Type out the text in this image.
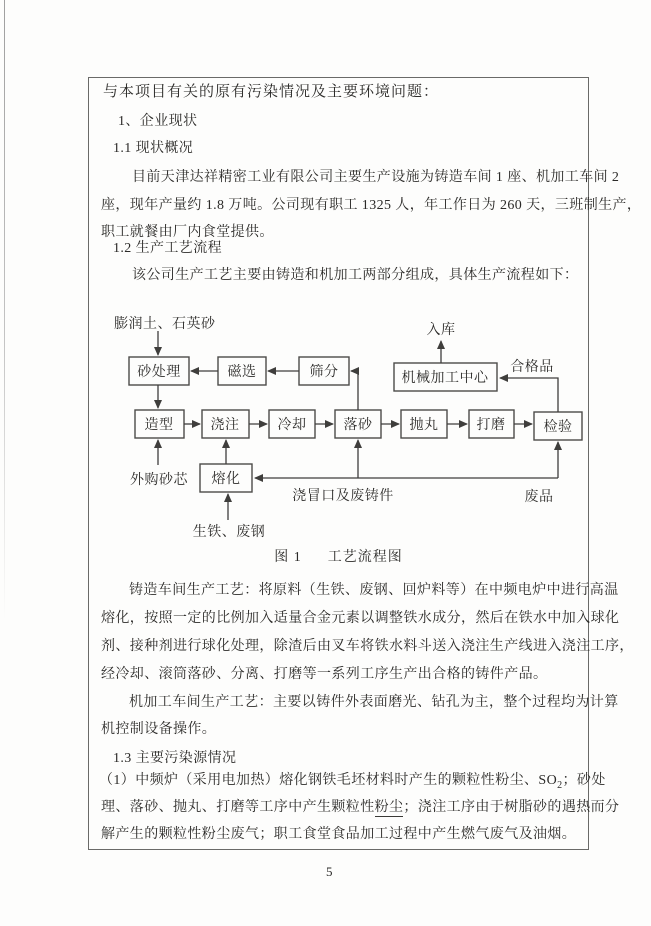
与本项目有关的原有污染情况及主要环境问题：
1、企业现状
1.1 现状概况
目前天津达祥精密工业有限公司主要生产设施为铸造车间 1 座、机加工车间 2
座，现年产量约 1.8 万吨。公司现有职工 1325 人，年工作日为 260 天，三班制生产，
职工就餐由厂内食堂提供。
1.2 生产工艺流程
该公司生产工艺主要由铸造和机加工两部分组成，具体生产流程如下：
膨润土、石英砂	入库
合格品
外购砂芯
生铁、废钢
浇冒口及废铸件	废品
砂处理	磁选	筛分	机械加工中心
造型	浇注	冷却	落砂	抛丸	打磨	检验
熔化
图 1 工艺流程图
铸造车间生产工艺：将原料（生铁、废钢、回炉料等）在中频电炉中进行高温
熔化，按照一定的比例加入适量合金元素以调整铁水成分，然后在铁水中加入球化
剂、接种剂进行球化处理，除渣后由叉车将铁水料斗送入浇注生产线进入浇注工序，
经冷却、滚筒落砂、分离、打磨等一系列工序生产出合格的铸件产品。
机加工车间生产工艺：主要以铸件外表面磨光、钻孔为主，整个过程均为计算
机控制设备操作。
1.3 主要污染源情况
（1）中频炉（采用电加热）熔化钢铁毛坯材料时产生的颗粒性粉尘、$SO_2$；砂处
理、落砂、抛丸、打磨等工序中产生颗粒性粉尘；浇注工序由于树脂砂的遇热而分
解产生的颗粒性粉尘废气；职工食堂食品加工过程中产生燃气废气及油烟。
5
